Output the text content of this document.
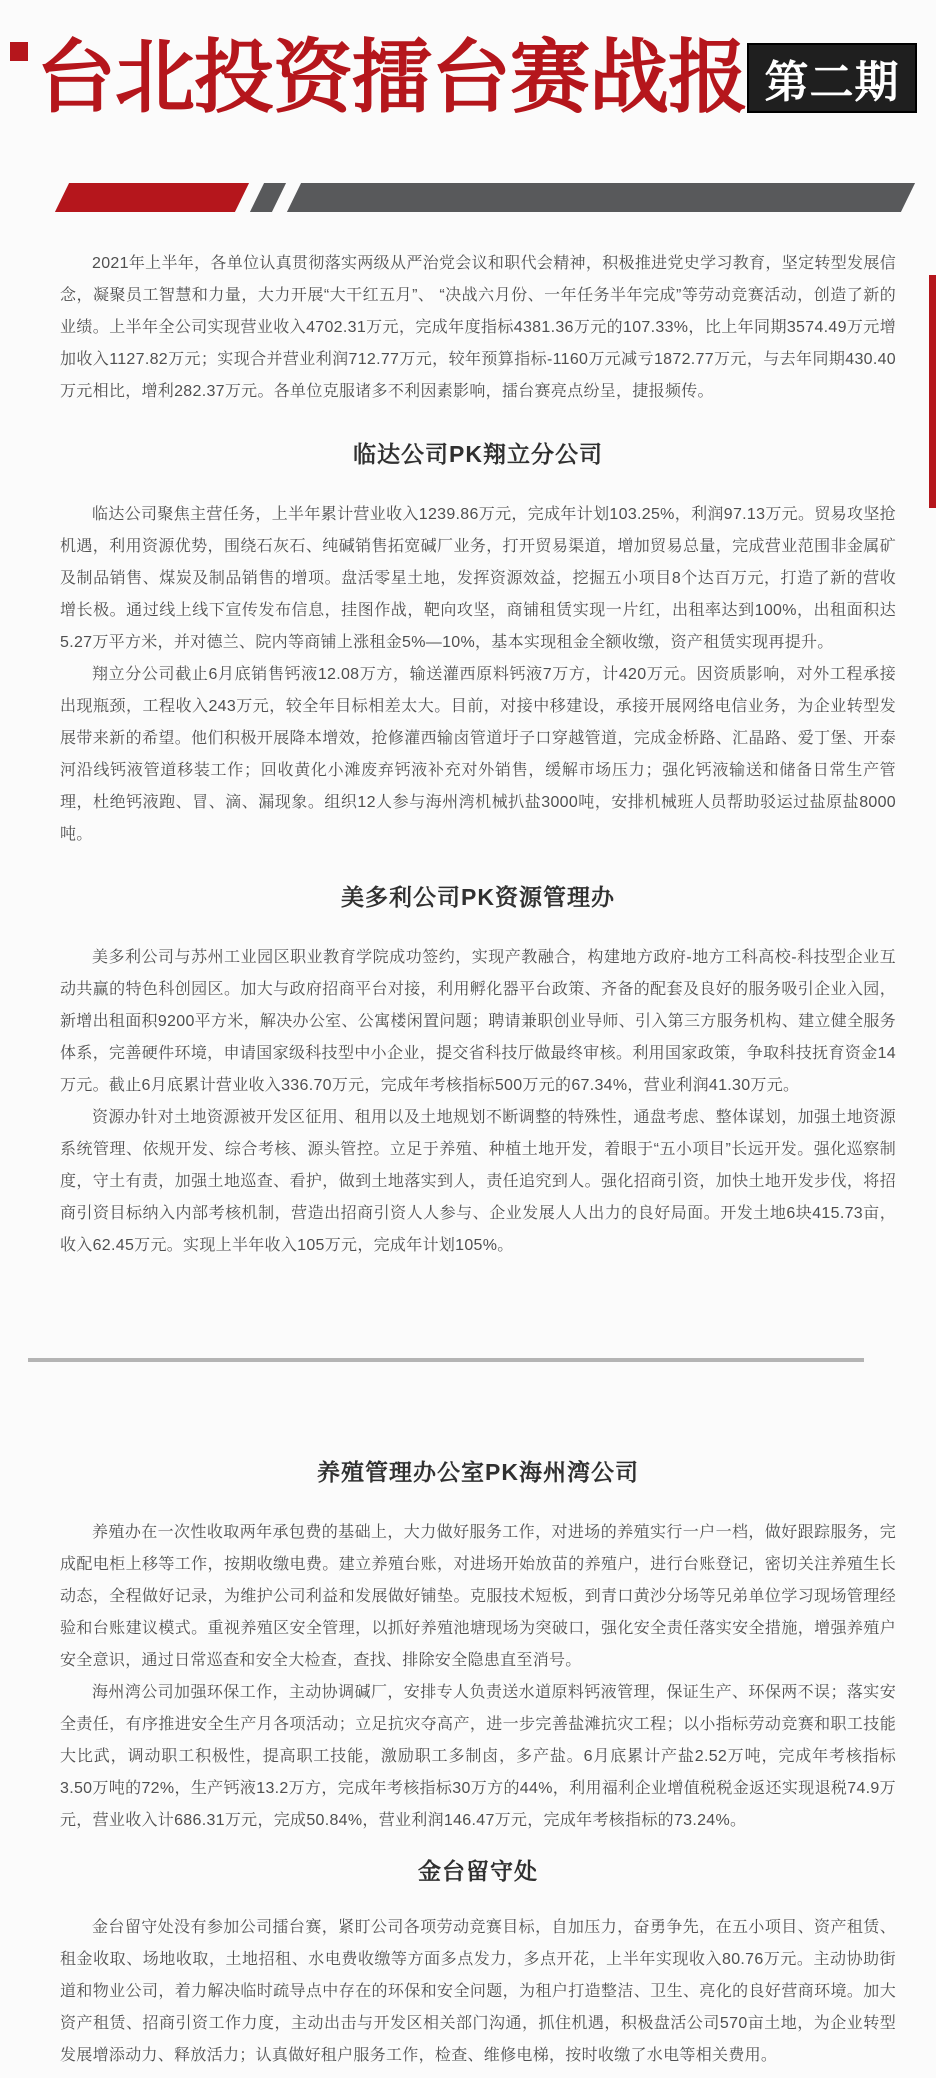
台北投资擂台赛战报 第二期

2021年上半年，各单位认真贯彻落实两级从严治党会议和职代会精神，积极推进党史学习教育，坚定转型发展信念，凝聚员工智慧和力量，大力开展“大干红五月”、 “决战六月份、一年任务半年完成”等劳动竞赛活动，创造了新的业绩。上半年全公司实现营业收入4702.31万元，完成年度指标4381.36万元的107.33%，比上年同期3574.49万元增加收入1127.82万元；实现合并营业利润712.77万元，较年预算指标-1160万元减亏1872.77万元，与去年同期430.40万元相比，增利282.37万元。各单位克服诸多不利因素影响，擂台赛亮点纷呈，捷报频传。

临达公司PK翔立分公司

临达公司聚焦主营任务，上半年累计营业收入1239.86万元，完成年计划103.25%，利润97.13万元。贸易攻坚抢机遇，利用资源优势，围绕石灰石、纯碱销售拓宽碱厂业务，打开贸易渠道，增加贸易总量，完成营业范围非金属矿及制品销售、煤炭及制品销售的增项。盘活零星土地，发挥资源效益，挖掘五小项目8个达百万元，打造了新的营收增长极。通过线上线下宣传发布信息，挂图作战，靶向攻坚，商铺租赁实现一片红，出租率达到100%，出租面积达5.27万平方米，并对德兰、院内等商铺上涨租金5%—10%，基本实现租金全额收缴，资产租赁实现再提升。

翔立分公司截止6月底销售钙液12.08万方，输送灌西原料钙液7万方，计420万元。因资质影响，对外工程承接出现瓶颈，工程收入243万元，较全年目标相差太大。目前，对接中移建设，承接开展网络电信业务，为企业转型发展带来新的希望。他们积极开展降本增效，抢修灌西输卤管道圩子口穿越管道，完成金桥路、汇晶路、爱丁堡、开泰河沿线钙液管道移装工作；回收黄化小滩废弃钙液补充对外销售，缓解市场压力；强化钙液输送和储备日常生产管理，杜绝钙液跑、冒、滴、漏现象。组织12人参与海州湾机械扒盐3000吨，安排机械班人员帮助驳运过盐原盐8000吨。

美多利公司PK资源管理办

美多利公司与苏州工业园区职业教育学院成功签约，实现产教融合，构建地方政府-地方工科高校-科技型企业互动共赢的特色科创园区。加大与政府招商平台对接，利用孵化器平台政策、齐备的配套及良好的服务吸引企业入园，新增出租面积9200平方米，解决办公室、公寓楼闲置问题；聘请兼职创业导师、引入第三方服务机构、建立健全服务体系，完善硬件环境，申请国家级科技型中小企业，提交省科技厅做最终审核。利用国家政策，争取科技抚育资金14万元。截止6月底累计营业收入336.70万元，完成年考核指标500万元的67.34%，营业利润41.30万元。

资源办针对土地资源被开发区征用、租用以及土地规划不断调整的特殊性，通盘考虑、整体谋划，加强土地资源系统管理、依规开发、综合考核、源头管控。立足于养殖、种植土地开发，着眼于“五小项目”长远开发。强化巡察制度，守土有责，加强土地巡查、看护，做到土地落实到人，责任追究到人。强化招商引资，加快土地开发步伐，将招商引资目标纳入内部考核机制，营造出招商引资人人参与、企业发展人人出力的良好局面。开发土地6块415.73亩，收入62.45万元。实现上半年收入105万元，完成年计划105%。

养殖管理办公室PK海州湾公司

养殖办在一次性收取两年承包费的基础上，大力做好服务工作，对进场的养殖实行一户一档，做好跟踪服务，完成配电柜上移等工作，按期收缴电费。建立养殖台账，对进场开始放苗的养殖户，进行台账登记，密切关注养殖生长动态，全程做好记录，为维护公司利益和发展做好铺垫。克服技术短板，到青口黄沙分场等兄弟单位学习现场管理经验和台账建议模式。重视养殖区安全管理，以抓好养殖池塘现场为突破口，强化安全责任落实安全措施，增强养殖户安全意识，通过日常巡查和安全大检查，查找、排除安全隐患直至消号。

海州湾公司加强环保工作，主动协调碱厂，安排专人负责送水道原料钙液管理，保证生产、环保两不误；落实安全责任，有序推进安全生产月各项活动；立足抗灾夺高产，进一步完善盐滩抗灾工程；以小指标劳动竞赛和职工技能大比武，调动职工积极性，提高职工技能，激励职工多制卤，多产盐。6月底累计产盐2.52万吨，完成年考核指标3.50万吨的72%，生产钙液13.2万方，完成年考核指标30万方的44%，利用福利企业增值税税金返还实现退税74.9万元，营业收入计686.31万元，完成50.84%，营业利润146.47万元，完成年考核指标的73.24%。

金台留守处

金台留守处没有参加公司擂台赛，紧盯公司各项劳动竞赛目标，自加压力，奋勇争先，在五小项目、资产租赁、租金收取、场地收取，土地招租、水电费收缴等方面多点发力，多点开花，上半年实现收入80.76万元。主动协助街道和物业公司，着力解决临时疏导点中存在的环保和安全问题，为租户打造整洁、卫生、亮化的良好营商环境。加大资产租赁、招商引资工作力度，主动出击与开发区相关部门沟通，抓住机遇，积极盘活公司570亩土地，为企业转型发展增添动力、释放活力；认真做好租户服务工作，检查、维修电梯，按时收缴了水电等相关费用。
